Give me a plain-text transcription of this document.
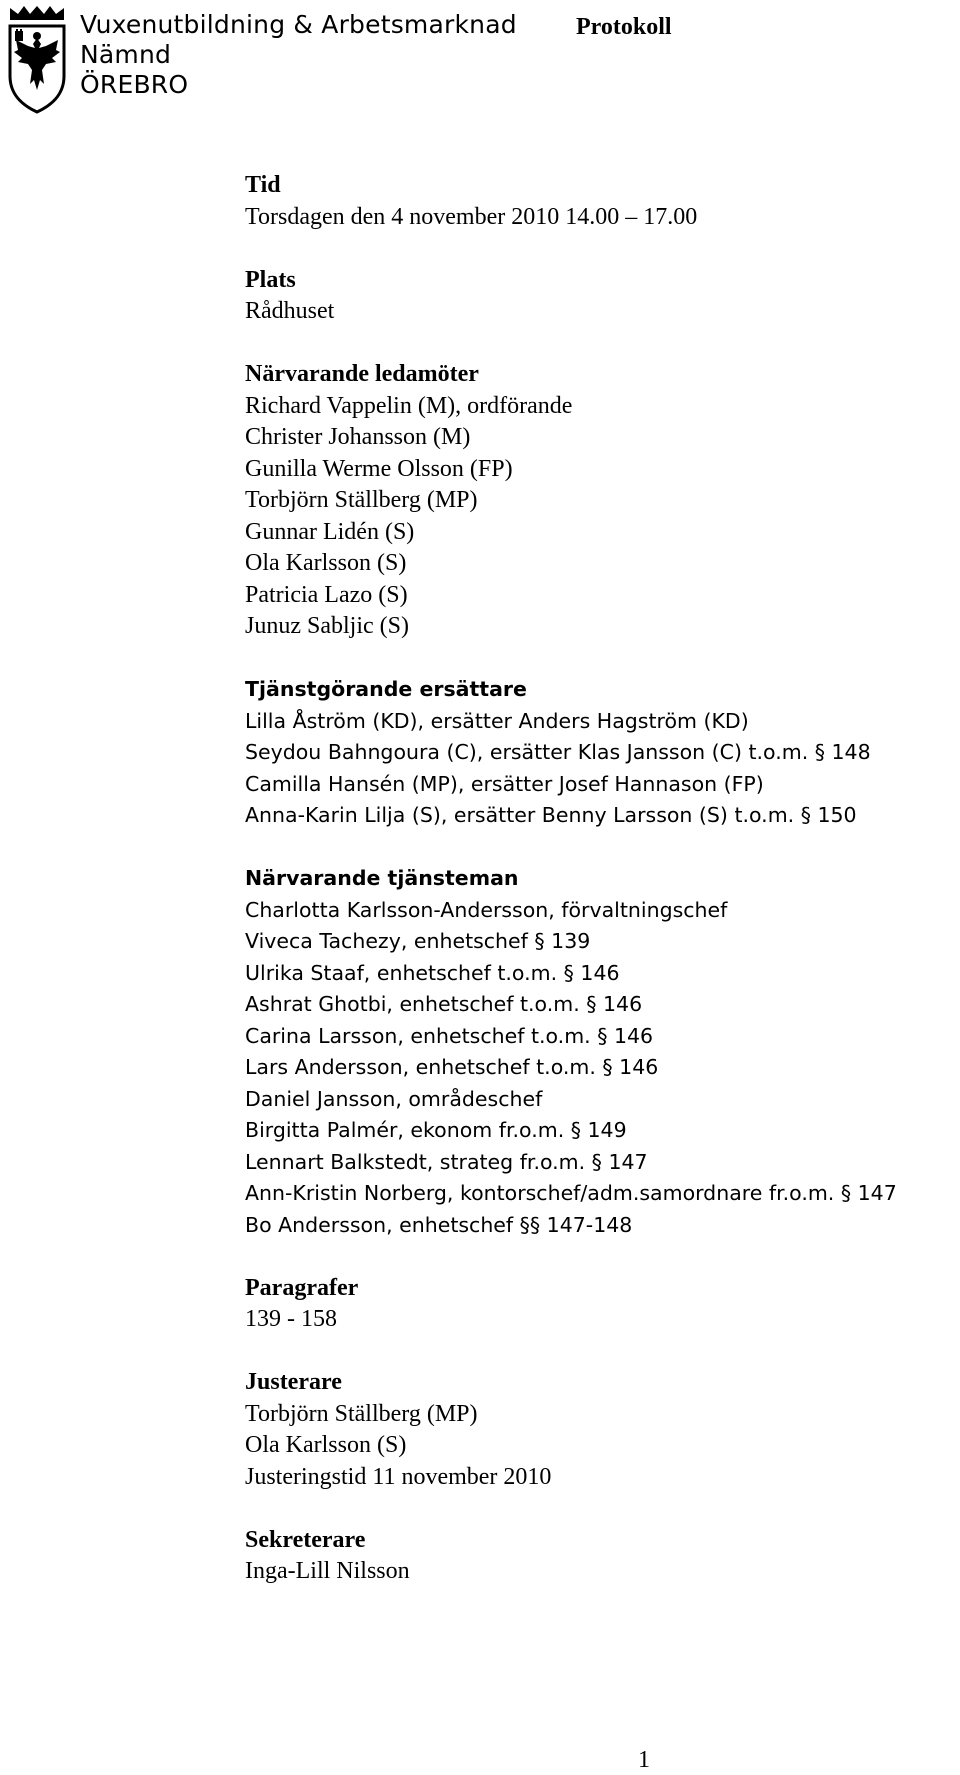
Vuxenutbildning & Arbetsmarknad
Nämnd
ÖREBRO
Protokoll
Tid
Torsdagen den 4 november 2010 14.00 – 17.00
Plats
Rådhuset
Närvarande ledamöter
Richard Vappelin (M), ordförande
Christer Johansson (M)
Gunilla Werme Olsson (FP)
Torbjörn Ställberg (MP)
Gunnar Lidén (S)
Ola Karlsson (S)
Patricia Lazo (S)
Junuz Sabljic (S)
Tjänstgörande ersättare
Lilla Åström (KD), ersätter Anders Hagström (KD)
Seydou Bahngoura (C), ersätter Klas Jansson (C) t.o.m. § 148
Camilla Hansén (MP), ersätter Josef Hannason (FP)
Anna-Karin Lilja (S), ersätter Benny Larsson (S) t.o.m. § 150
Närvarande tjänsteman
Charlotta Karlsson-Andersson, förvaltningschef
Viveca Tachezy, enhetschef § 139
Ulrika Staaf, enhetschef t.o.m. § 146
Ashrat Ghotbi, enhetschef t.o.m. § 146
Carina Larsson, enhetschef t.o.m. § 146
Lars Andersson, enhetschef t.o.m. § 146
Daniel Jansson, områdeschef
Birgitta Palmér, ekonom fr.o.m. § 149
Lennart Balkstedt, strateg fr.o.m. § 147
Ann-Kristin Norberg, kontorschef/adm.samordnare fr.o.m. § 147
Bo Andersson, enhetschef §§ 147-148
Paragrafer
139 - 158
Justerare
Torbjörn Ställberg (MP)
Ola Karlsson (S)
Justeringstid 11 november 2010
Sekreterare
Inga-Lill Nilsson
1
